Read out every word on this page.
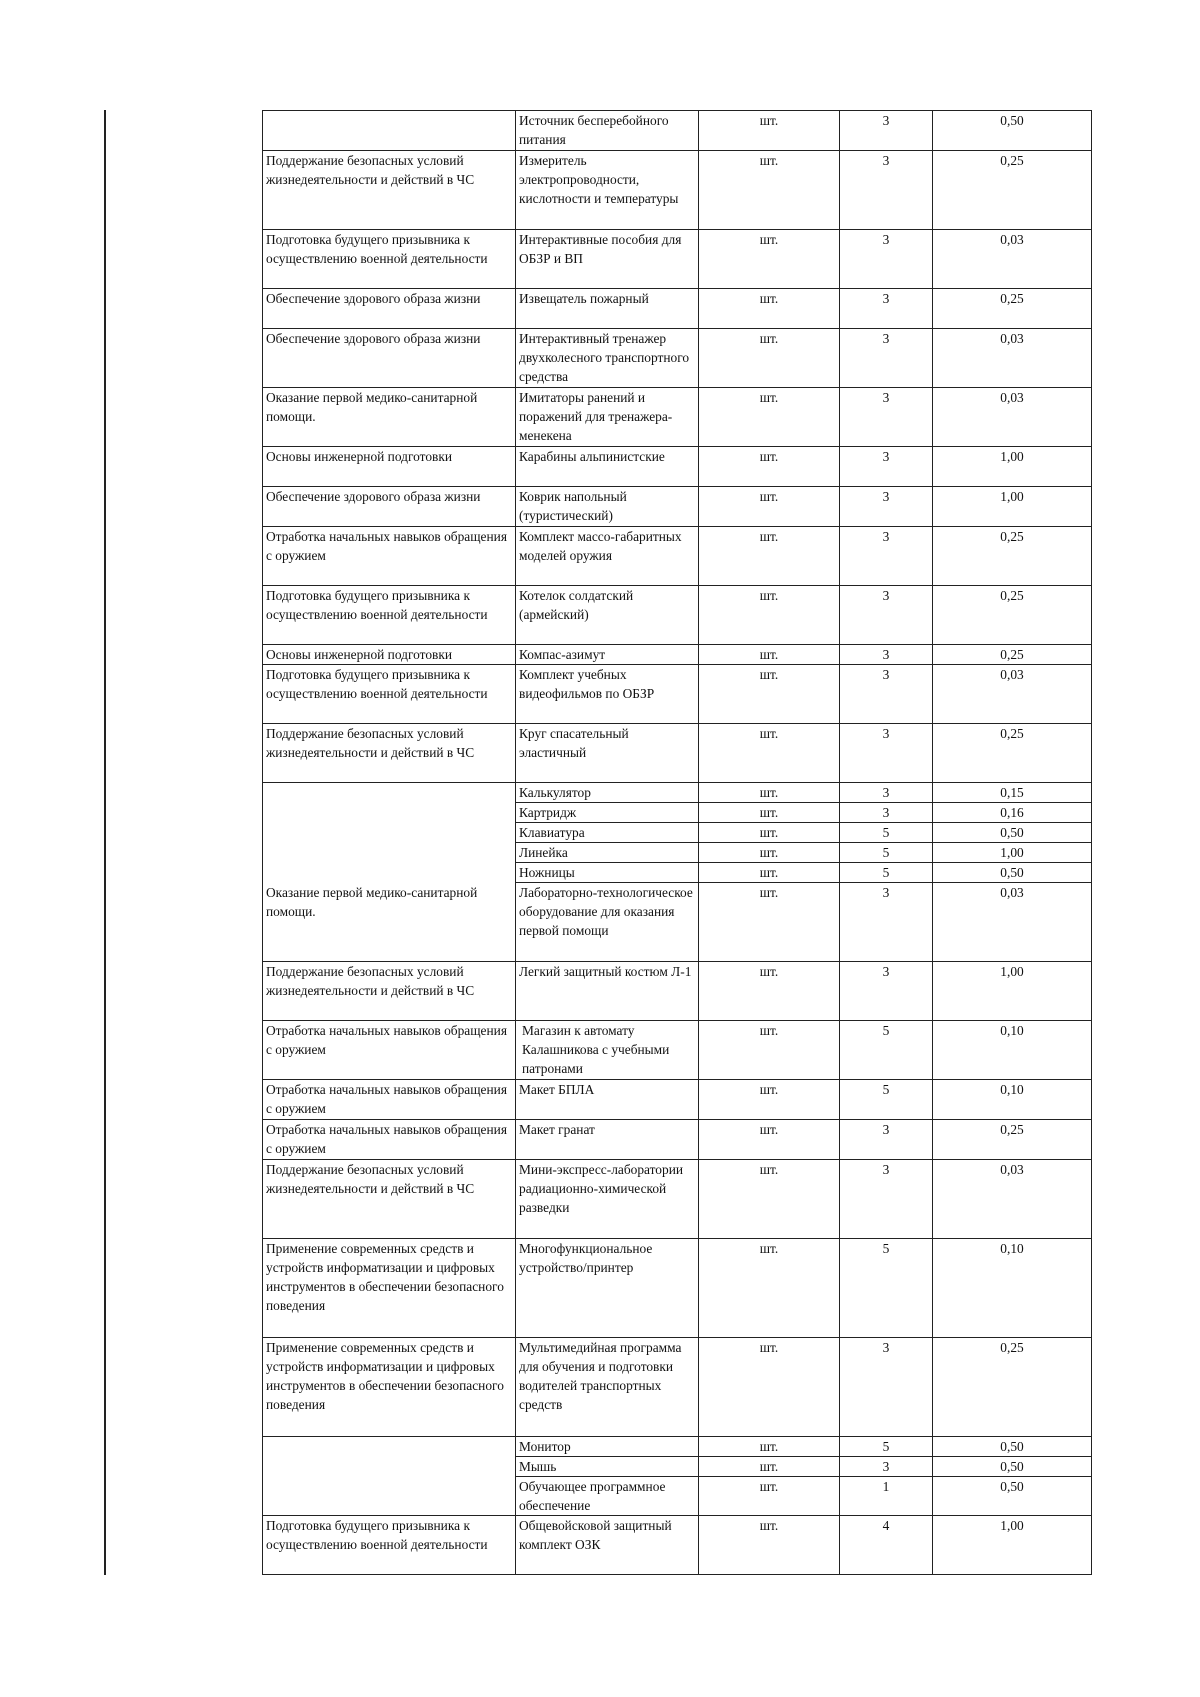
	Источник бесперебойного питания	шт.	3	0,50
Поддержание безопасных условий жизнедеятельности и действий в ЧС	Измеритель электропроводности, кислотности и температуры	шт.	3	0,25
Подготовка будущего призывника к осуществлению военной деятельности	Интерактивные пособия для ОБЗР и ВП	шт.	3	0,03
Обеспечение здорового образа жизни	Извещатель пожарный	шт.	3	0,25
Обеспечение здорового образа жизни	Интерактивный тренажер двухколесного транспортного средства	шт.	3	0,03
Оказание первой медико-санитарной помощи.	Имитаторы ранений и поражений для тренажера-менекена	шт.	3	0,03
Основы инженерной подготовки	Карабины альпинистские	шт.	3	1,00
Обеспечение здорового образа жизни	Коврик напольный (туристический)	шт.	3	1,00
Отработка начальных навыков обращения с оружием	Комплект массо-габаритных моделей оружия	шт.	3	0,25
Подготовка будущего призывника к осуществлению военной деятельности	Котелок солдатский (армейский)	шт.	3	0,25
Основы инженерной подготовки	Компас-азимут	шт.	3	0,25
Подготовка будущего призывника к осуществлению военной деятельности	Комплект учебных видеофильмов по ОБЗР	шт.	3	0,03
Поддержание безопасных условий жизнедеятельности и действий в ЧС	Круг спасательный эластичный	шт.	3	0,25
	Калькулятор	шт.	3	0,15
	Картридж	шт.	3	0,16
	Клавиатура	шт.	5	0,50
	Линейка	шт.	5	1,00
	Ножницы	шт.	5	0,50
Оказание первой медико-санитарной помощи.	Лабораторно-технологическое оборудование для оказания первой помощи	шт.	3	0,03
Поддержание безопасных условий жизнедеятельности и действий в ЧС	Легкий защитный костюм Л-1	шт.	3	1,00
Отработка начальных навыков обращения с оружием	Магазин к автомату Калашникова с учебными патронами	шт.	5	0,10
Отработка начальных навыков обращения с оружием	Макет БПЛА	шт.	5	0,10
Отработка начальных навыков обращения с оружием	Макет гранат	шт.	3	0,25
Поддержание безопасных условий жизнедеятельности и действий в ЧС	Мини-экспресс-лаборатории радиационно-химической разведки	шт.	3	0,03
Применение современных средств и устройств информатизации и цифровых инструментов в обеспечении безопасного поведения	Многофункциональное устройство/принтер	шт.	5	0,10
Применение современных средств и устройств информатизации и цифровых инструментов в обеспечении безопасного поведения	Мультимедийная программа для обучения и подготовки водителей транспортных средств	шт.	3	0,25
	Монитор	шт.	5	0,50
	Мышь	шт.	3	0,50
	Обучающее программное обеспечение	шт.	1	0,50
Подготовка будущего призывника к осуществлению военной деятельности	Общевойсковой защитный комплект ОЗК	шт.	4	1,00
